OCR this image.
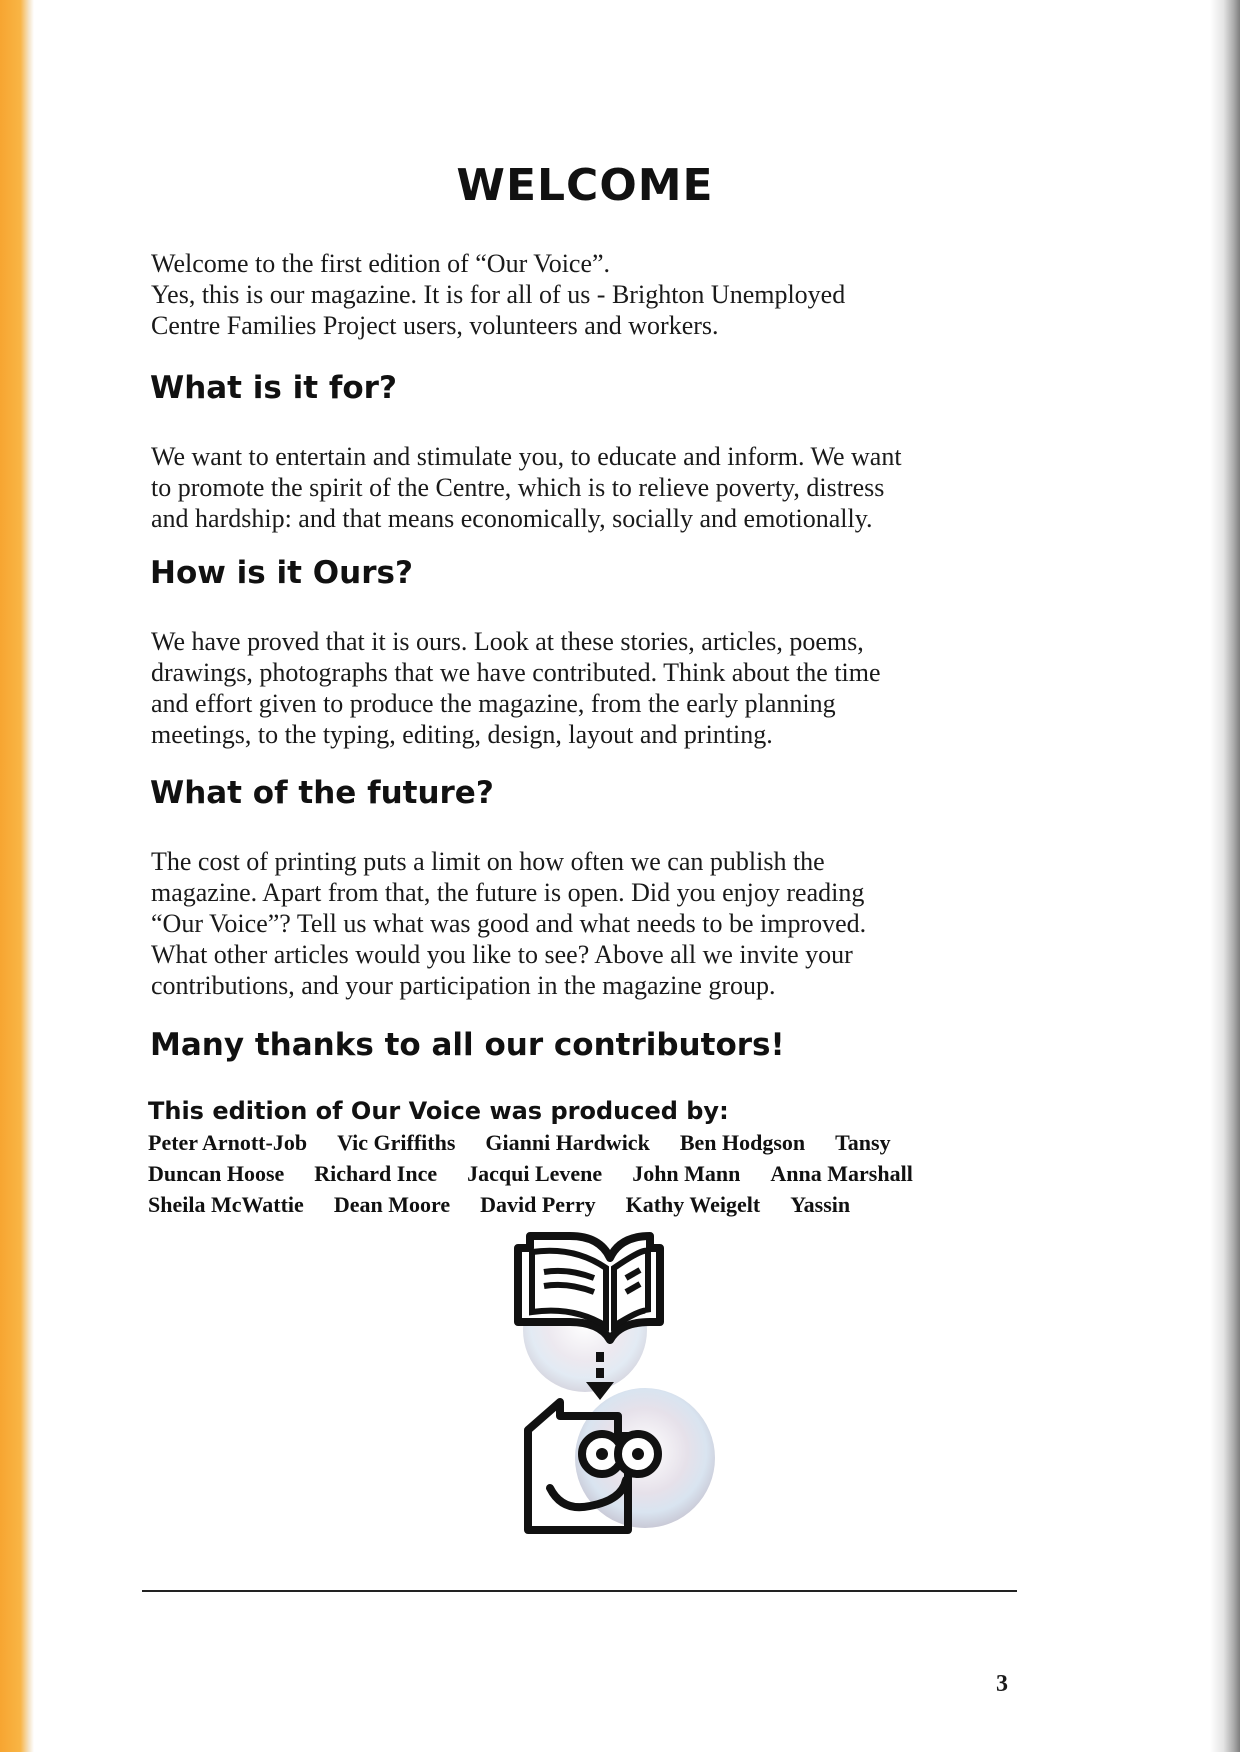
WELCOME
Welcome to the first edition of “Our Voice”.
Yes, this is our magazine. It is for all of us - Brighton Unemployed
Centre Families Project users, volunteers and workers.
What is it for?
We want to entertain and stimulate you, to educate and inform. We want
to promote the spirit of the Centre, which is to relieve poverty, distress
and hardship: and that means economically, socially and emotionally.
How is it Ours?
We have proved that it is ours. Look at these stories, articles, poems,
drawings, photographs that we have contributed. Think about the time
and effort given to produce the magazine, from the early planning
meetings, to the typing, editing, design, layout and printing.
What of the future?
The cost of printing puts a limit on how often we can publish the
magazine. Apart from that, the future is open. Did you enjoy reading
“Our Voice”? Tell us what was good and what needs to be improved.
What other articles would you like to see? Above all we invite your
contributions, and your participation in the magazine group.
Many thanks to all our contributors!
This edition of Our Voice was produced by:
Peter Arnott-Job Vic Griffiths Gianni Hardwick Ben Hodgson Tansy
Duncan Hoose Richard Ince Jacqui Levene John Mann Anna Marshall
Sheila McWattie Dean Moore David Perry Kathy Weigelt Yassin
3
